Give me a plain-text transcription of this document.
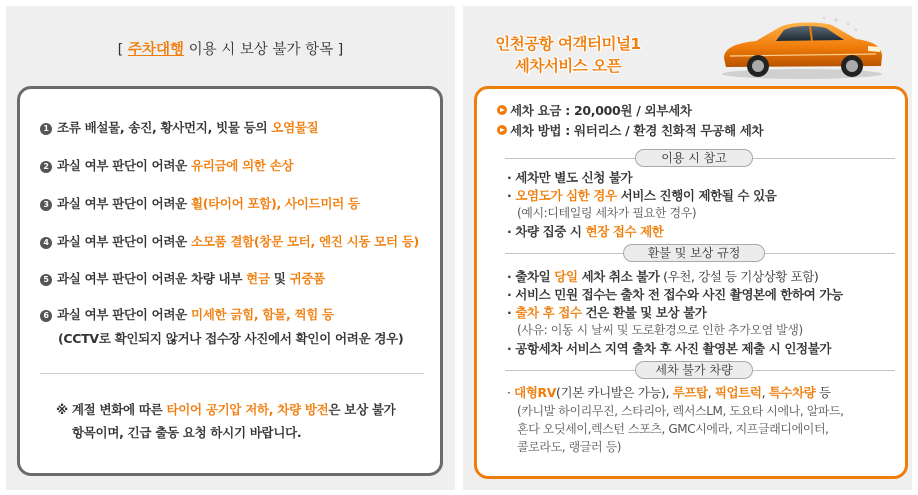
[ 주차대행 이용 시 보상 불가 항목 ]
1 조류 배설물, 송진, 황사먼지, 빗물 등의 오염물질
2 과실 여부 판단이 어려운 유리금에 의한 손상
3 과실 여부 판단이 어려운 휠(타이어 포함), 사이드미러 등
4 과실 여부 판단이 어려운 소모품 결함(창문 모터, 엔진 시동 모터 등)
5 과실 여부 판단이 어려운 차량 내부 현금 및 귀중품
6 과실 여부 판단이 어려운 미세한 긁힘, 함몰, 찍힘 등
(CCTV로 확인되지 않거나 접수장 사진에서 확인이 어려운 경우)
※ 계절 변화에 따른 타이어 공기압 저하, 차량 방전은 보상 불가
항목이며, 긴급 출동 요청 하시기 바랍니다.
인천공항 여객터미널1
세차서비스 오픈
세차 요금 : 20,000원 / 외부세차
세차 방법 : 워터리스 / 환경 친화적 무공해 세차
이용 시 참고
· 세차만 별도 신청 불가
· 오염도가 심한 경우 서비스 진행이 제한될 수 있음
(예시:디테일링 세차가 필요한 경우)
· 차량 집중 시 현장 접수 제한
환불 및 보상 규정
· 출차일 당일 세차 취소 불가 (우천, 강설 등 기상상황 포함)
· 서비스 민원 접수는 출차 전 접수와 사진 촬영본에 한하여 가능
· 출차 후 접수 건은 환불 및 보상 불가
(사유: 이동 시 날씨 및 도로환경으로 인한 추가오염 발생)
· 공항세차 서비스 지역 출차 후 사진 촬영본 제출 시 인정불가
세차 불가 차량
· 대형RV(기본 카니발은 가능), 루프탑, 픽업트럭, 특수차량 등
(카니발 하이리무진, 스타리아, 렉서스LM, 도요타 시에나, 알파드,
혼다 오딧세이,렉스턴 스포츠, GMC시에라, 지프글래디에이터,
콜로라도, 랭글러 등)
